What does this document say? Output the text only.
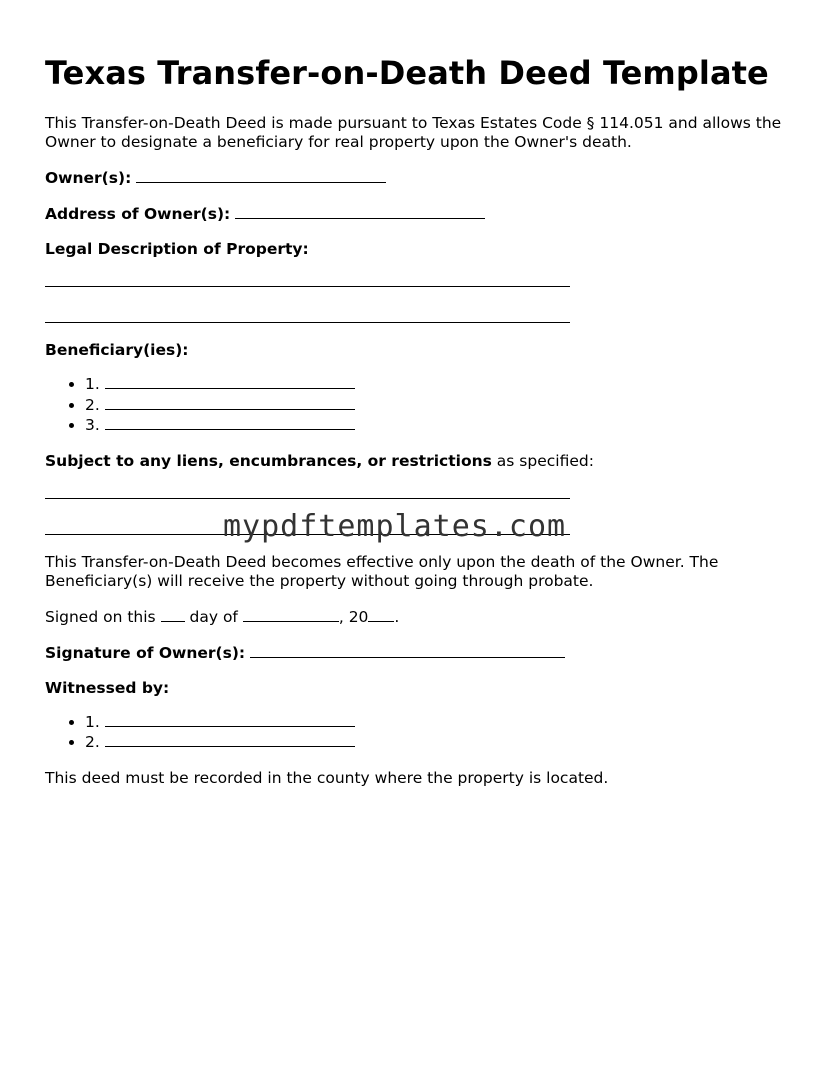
Texas Transfer-on-Death Deed Template

This Transfer-on-Death Deed is made pursuant to Texas Estates Code § 114.051 and allows the Owner to designate a beneficiary for real property upon the Owner's death.

Owner(s):

Address of Owner(s):

Legal Description of Property:

Beneficiary(ies):

• 1.
• 2.
• 3.

Subject to any liens, encumbrances, or restrictions as specified:

mypdftemplates.com

This Transfer-on-Death Deed becomes effective only upon the death of the Owner. The Beneficiary(s) will receive the property without going through probate.

Signed on this day of	, 20 .

Signature of Owner(s):

Witnessed by:

• 1.
• 2.

This deed must be recorded in the county where the property is located.
